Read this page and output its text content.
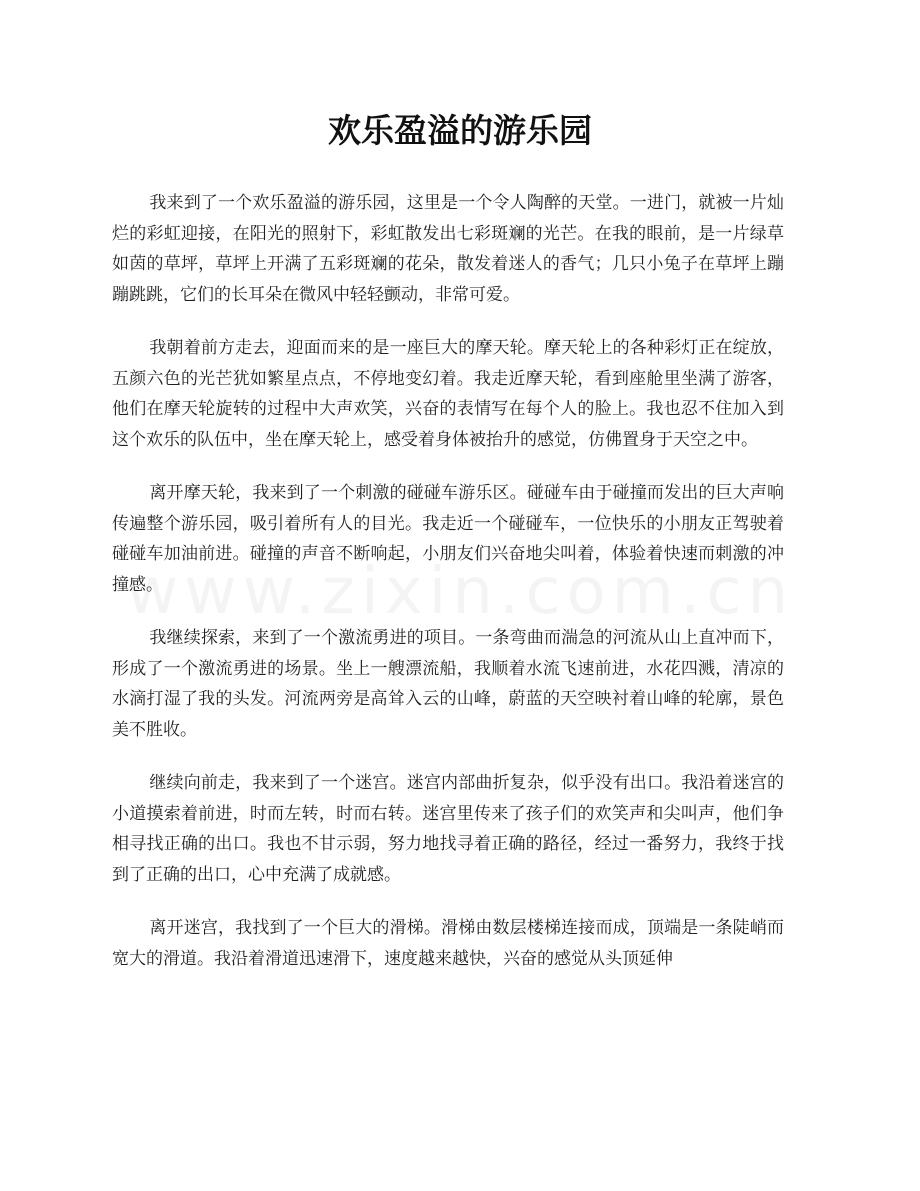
欢乐盈溢的游乐园

我来到了一个欢乐盈溢的游乐园，这里是一个令人陶醉的天堂。一进门，就被一片灿烂的彩虹迎接，在阳光的照射下，彩虹散发出七彩斑斓的光芒。在我的眼前，是一片绿草如茵的草坪，草坪上开满了五彩斑斓的花朵，散发着迷人的香气；几只小兔子在草坪上蹦蹦跳跳，它们的长耳朵在微风中轻轻颤动，非常可爱。

我朝着前方走去，迎面而来的是一座巨大的摩天轮。摩天轮上的各种彩灯正在绽放，五颜六色的光芒犹如繁星点点，不停地变幻着。我走近摩天轮，看到座舱里坐满了游客，他们在摩天轮旋转的过程中大声欢笑，兴奋的表情写在每个人的脸上。我也忍不住加入到这个欢乐的队伍中，坐在摩天轮上，感受着身体被抬升的感觉，仿佛置身于天空之中。

离开摩天轮，我来到了一个刺激的碰碰车游乐区。碰碰车由于碰撞而发出的巨大声响传遍整个游乐园，吸引着所有人的目光。我走近一个碰碰车，一位快乐的小朋友正驾驶着碰碰车加油前进。碰撞的声音不断响起，小朋友们兴奋地尖叫着，体验着快速而刺激的冲撞感。

我继续探索，来到了一个激流勇进的项目。一条弯曲而湍急的河流从山上直冲而下，形成了一个激流勇进的场景。坐上一艘漂流船，我顺着水流飞速前进，水花四溅，清凉的水滴打湿了我的头发。河流两旁是高耸入云的山峰，蔚蓝的天空映衬着山峰的轮廓，景色美不胜收。

继续向前走，我来到了一个迷宫。迷宫内部曲折复杂，似乎没有出口。我沿着迷宫的小道摸索着前进，时而左转，时而右转。迷宫里传来了孩子们的欢笑声和尖叫声，他们争相寻找正确的出口。我也不甘示弱，努力地找寻着正确的路径，经过一番努力，我终于找到了正确的出口，心中充满了成就感。

离开迷宫，我找到了一个巨大的滑梯。滑梯由数层楼梯连接而成，顶端是一条陡峭而宽大的滑道。我沿着滑道迅速滑下，速度越来越快，兴奋的感觉从头顶延伸
